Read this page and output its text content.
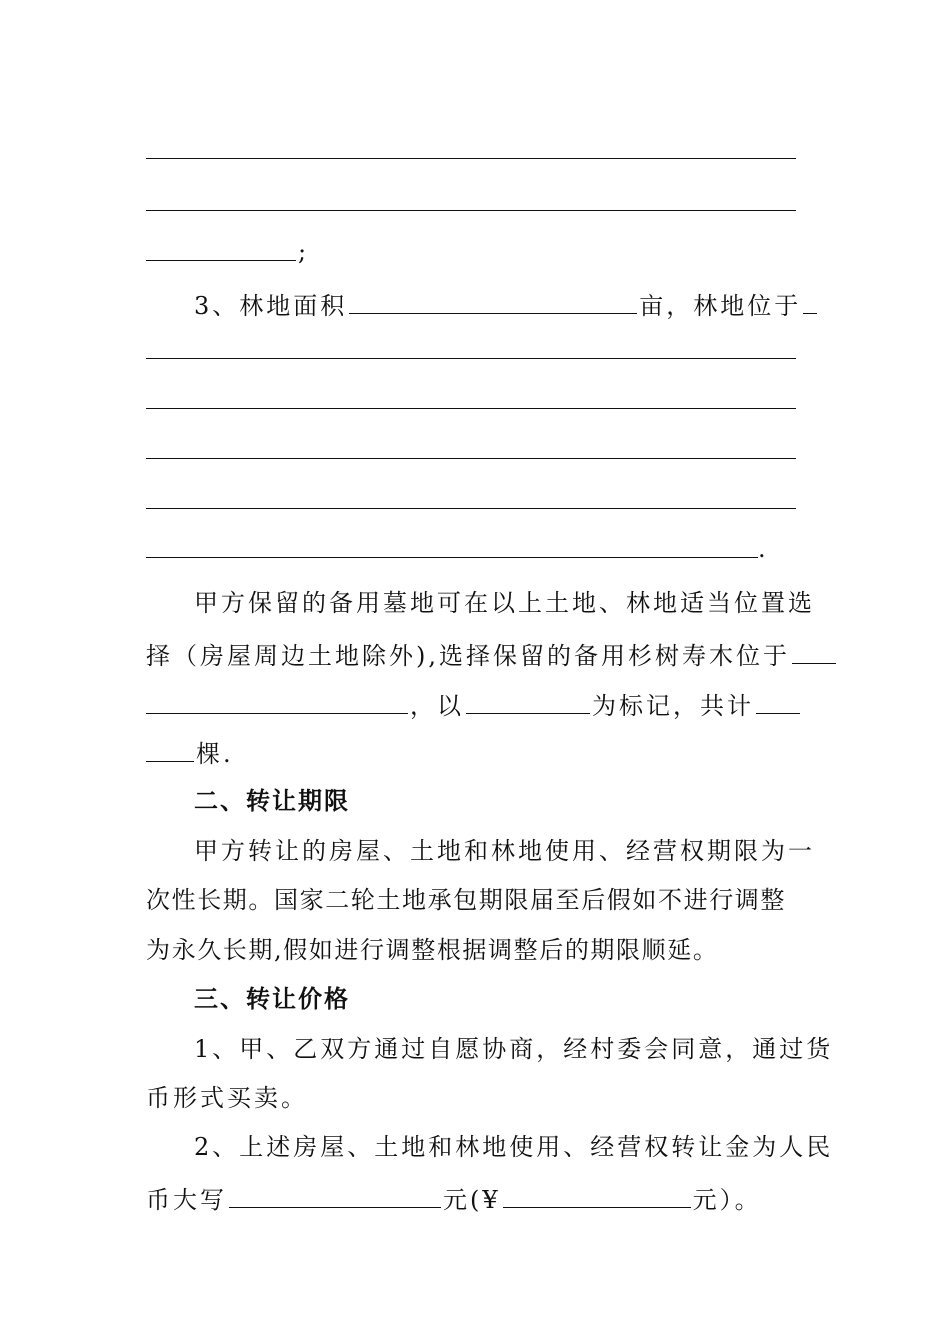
;
3、林地面积	亩，林地位于
.
甲方保留的备用墓地可在以上土地、林地适当位置选
择（房屋周边土地除外),选择保留的备用杉树寿木位于
，以	为标记，共计
棵.
二、转让期限
甲方转让的房屋、土地和林地使用、经营权期限为一
次性长期。国家二轮土地承包期限届至后假如不进行调整
为永久长期,假如进行调整根据调整后的期限顺延。
三、转让价格
1、甲、乙双方通过自愿协商，经村委会同意，通过货
币形式买卖。
2、上述房屋、土地和林地使用、经营权转让金为人民
币大写	元(¥	元）。
